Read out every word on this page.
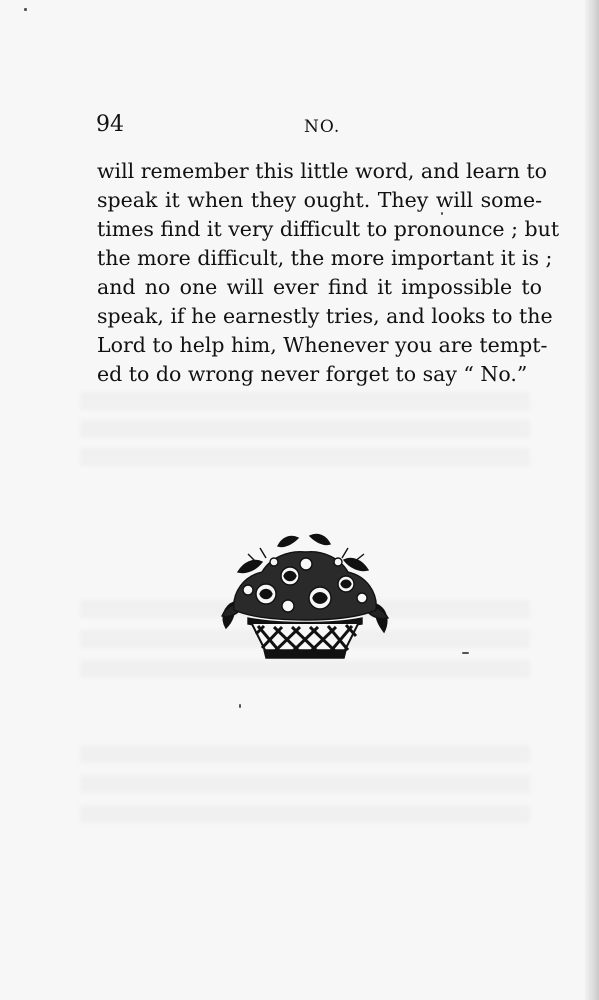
94	NO.
will remember this little word, and learn to
speak it when they ought. They will some-
times find it very difficult to pronounce ; but
the more difficult, the more important it is ;
and no one will ever find it impossible to
speak, if he earnestly tries, and looks to the
Lord to help him, Whenever you are tempt-
ed to do wrong never forget to say “ No.”
